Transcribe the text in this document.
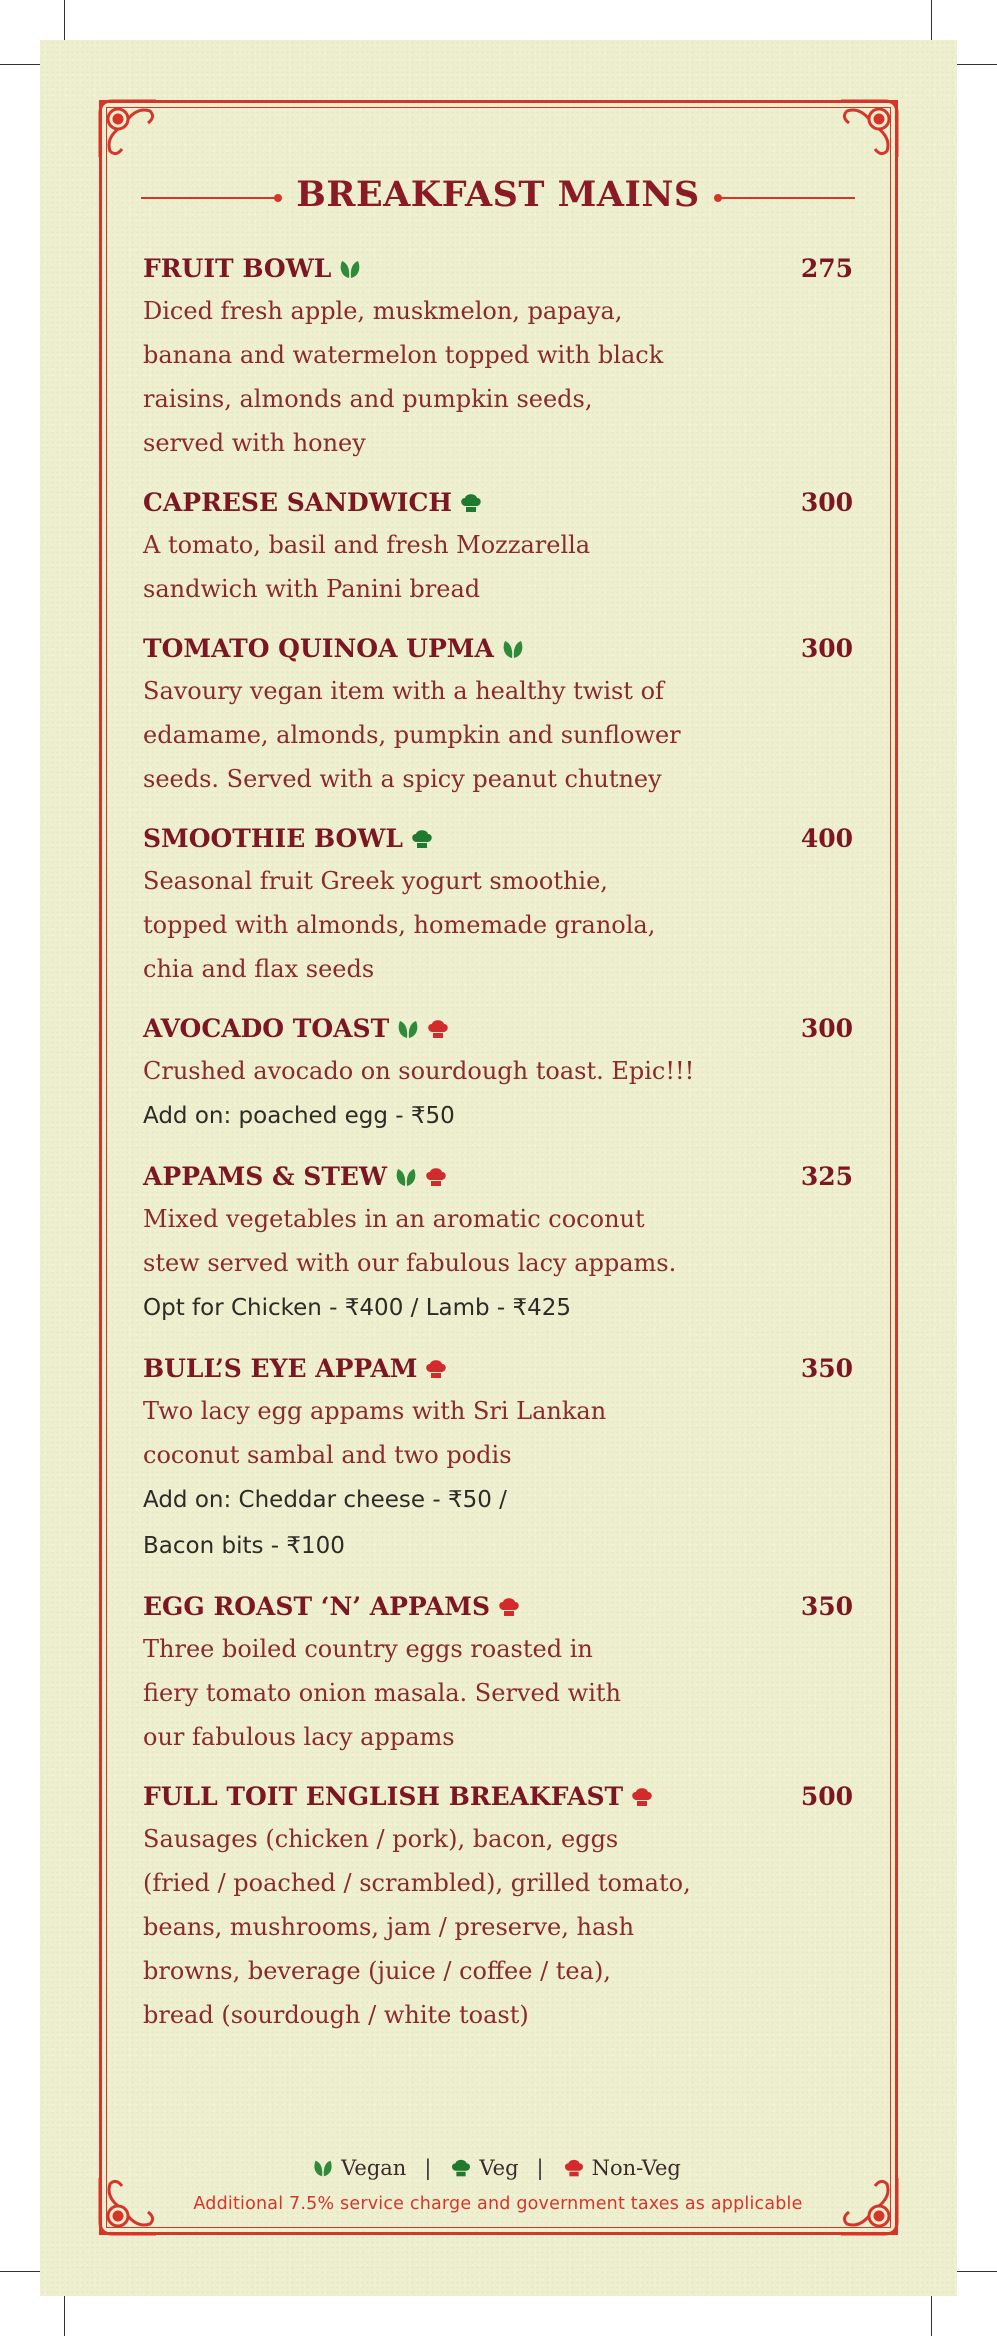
BREAKFAST MAINS
FRUIT BOWL	275
Diced fresh apple, muskmelon, papaya,
banana and watermelon topped with black
raisins, almonds and pumpkin seeds,
served with honey
CAPRESE SANDWICH	300
A tomato, basil and fresh Mozzarella
sandwich with Panini bread
TOMATO QUINOA UPMA	300
Savoury vegan item with a healthy twist of
edamame, almonds, pumpkin and sunflower
seeds. Served with a spicy peanut chutney
SMOOTHIE BOWL	400
Seasonal fruit Greek yogurt smoothie,
topped with almonds, homemade granola,
chia and flax seeds
AVOCADO TOAST	300
Crushed avocado on sourdough toast. Epic!!!
Add on: poached egg - ₹50
APPAMS & STEW	325
Mixed vegetables in an aromatic coconut
stew served with our fabulous lacy appams.
Opt for Chicken - ₹400 / Lamb - ₹425
BULL’S EYE APPAM	350
Two lacy egg appams with Sri Lankan
coconut sambal and two podis
Add on: Cheddar cheese - ₹50 /
Bacon bits - ₹100
EGG ROAST ‘N’ APPAMS	350
Three boiled country eggs roasted in
fiery tomato onion masala. Served with
our fabulous lacy appams
FULL TOIT ENGLISH BREAKFAST	500
Sausages (chicken / pork), bacon, eggs
(fried / poached / scrambled), grilled tomato,
beans, mushrooms, jam / preserve, hash
browns, beverage (juice / coffee / tea),
bread (sourdough / white toast)
Vegan | Veg | Non-Veg
Additional 7.5% service charge and government taxes as applicable
